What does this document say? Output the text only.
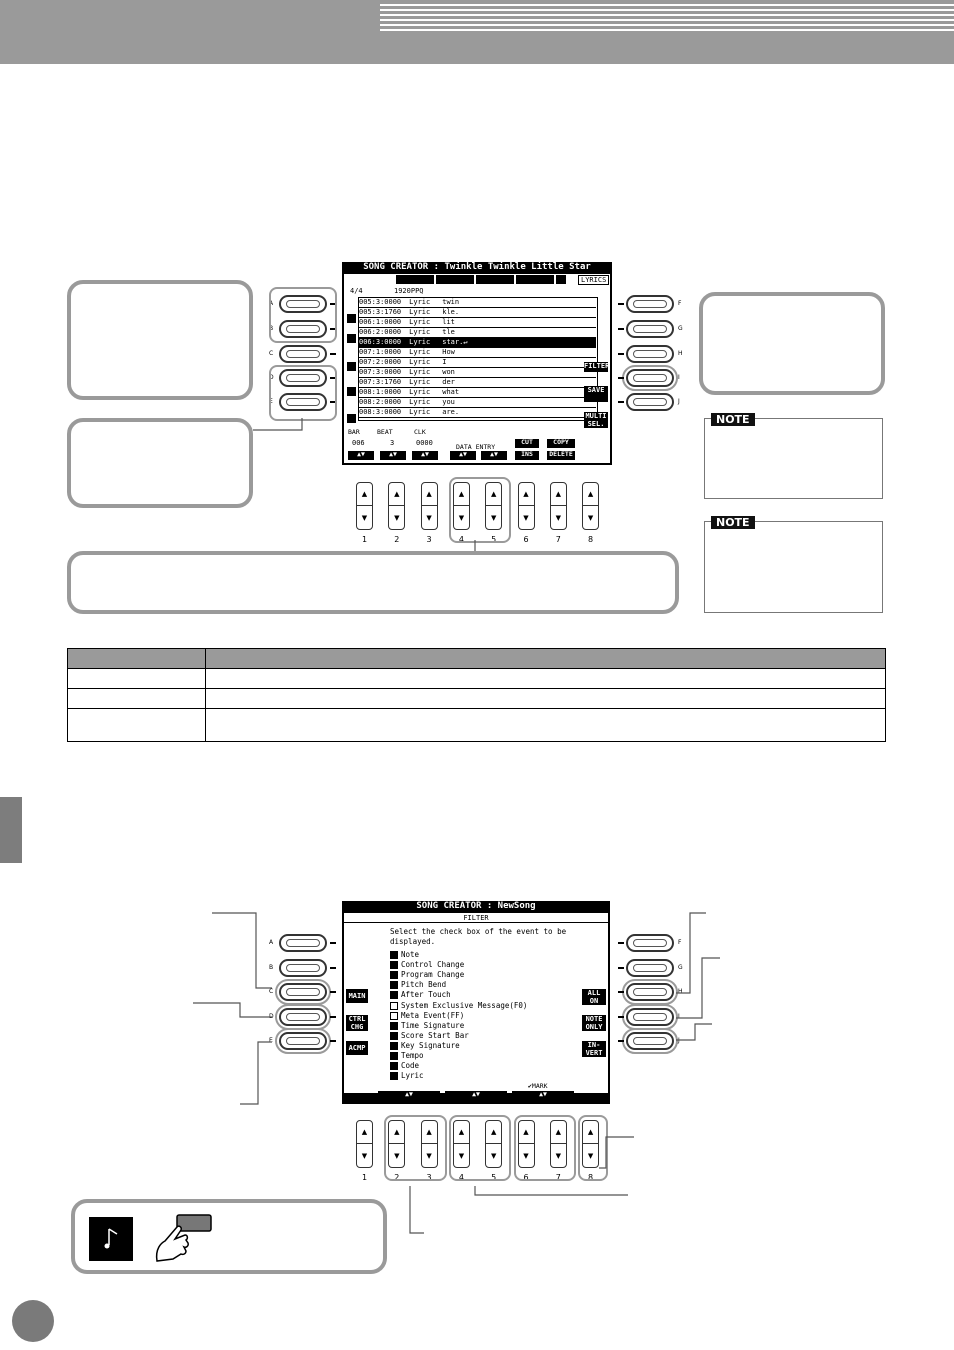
NOTE
NOTE
SONG CREATOR : Twinkle Twinkle Little Star
LYRICS
4/4	1920PPQ
005:3:0000 Lyric twin
005:3:1760 Lyric kle.
006:1:0000 Lyric lit
006:2:0000 Lyric tle
006:3:0000 Lyric star.↵
007:1:0000 Lyric How
007:2:0000 Lyric I
007:3:0000 Lyric won
007:3:1760 Lyric der
008:1:0000 Lyric what
008:2:0000 Lyric you
008:3:0000 Lyric are.
FILTER
SAVE
MULTI SEL.
BAR	BEAT	CLK
006	3	0000	DATA ENTRY
CUT
INS
COPY
DELETE
▲▼	▲▼	▲▼	▲▼	▲▼
A
B
C
D
E
F
G
H
I
J
▲
▼
1
▲
▼
2
▲
▼
3
▲
▼
4
▲
▼
5
▲
▼
6
▲
▼
7
▲
▼
8

SONG CREATOR : NewSong
FILTER
Select the check box of the event to be displayed.
Note
Control Change
Program Change
Pitch Bend
After Touch
System Exclusive Message(F0)
Meta Event(FF)
Time Signature
Score Start Bar
Key Signature
Tempo
Code
Lyric
MAIN
CTRL CHG
ACMP
ALL ON
NOTE ONLY
IN-VERT
✔MARK
▲▼	▲▼	▲▼
A
B
C
D
E
F
G
H
I
J
▲
▼
1
▲
▼
2
▲
▼
3
▲
▼
4
▲
▼
5
▲
▼
6
▲
▼
7
▲
▼
8
